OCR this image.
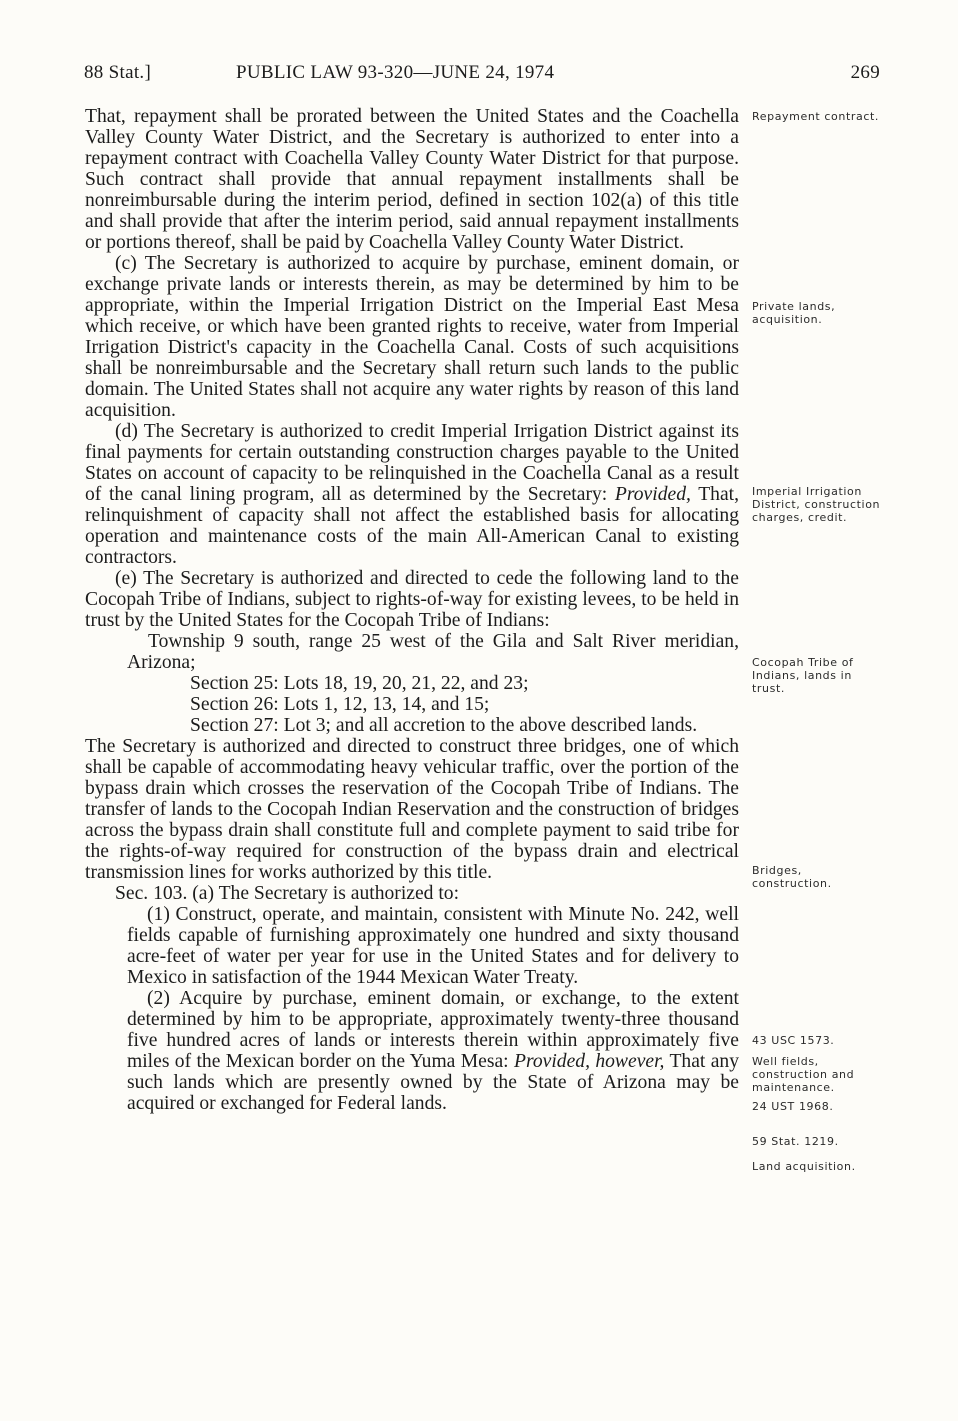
88 Stat.]	PUBLIC LAW 93-320—JUNE 24, 1974	269

That, repayment shall be prorated between the United States and the Coachella Valley County Water District, and the Secretary is authorized to enter into a repayment contract with Coachella Valley County Water District for that purpose. Such contract shall provide that annual repayment installments shall be nonreimbursable during the interim period, defined in section 102(a) of this title and shall provide that after the interim period, said annual repayment installments or portions thereof, shall be paid by Coachella Valley County Water District.

(c) The Secretary is authorized to acquire by purchase, eminent domain, or exchange private lands or interests therein, as may be determined by him to be appropriate, within the Imperial Irrigation District on the Imperial East Mesa which receive, or which have been granted rights to receive, water from Imperial Irrigation District's capacity in the Coachella Canal. Costs of such acquisitions shall be nonreimbursable and the Secretary shall return such lands to the public domain. The United States shall not acquire any water rights by reason of this land acquisition.

(d) The Secretary is authorized to credit Imperial Irrigation District against its final payments for certain outstanding construction charges payable to the United States on account of capacity to be relinquished in the Coachella Canal as a result of the canal lining program, all as determined by the Secretary: Provided, That, relinquishment of capacity shall not affect the established basis for allocating operation and maintenance costs of the main All-American Canal to existing contractors.

(e) The Secretary is authorized and directed to cede the following land to the Cocopah Tribe of Indians, subject to rights-of-way for existing levees, to be held in trust by the United States for the Cocopah Tribe of Indians:

Township 9 south, range 25 west of the Gila and Salt River meridian, Arizona;

Section 25: Lots 18, 19, 20, 21, 22, and 23;

Section 26: Lots 1, 12, 13, 14, and 15;

Section 27: Lot 3; and all accretion to the above described lands.

The Secretary is authorized and directed to construct three bridges, one of which shall be capable of accommodating heavy vehicular traffic, over the portion of the bypass drain which crosses the reservation of the Cocopah Tribe of Indians. The transfer of lands to the Cocopah Indian Reservation and the construction of bridges across the bypass drain shall constitute full and complete payment to said tribe for the rights-of-way required for construction of the bypass drain and electrical transmission lines for works authorized by this title.

Sec. 103. (a) The Secretary is authorized to:

(1) Construct, operate, and maintain, consistent with Minute No. 242, well fields capable of furnishing approximately one hundred and sixty thousand acre-feet of water per year for use in the United States and for delivery to Mexico in satisfaction of the 1944 Mexican Water Treaty.

(2) Acquire by purchase, eminent domain, or exchange, to the extent determined by him to be appropriate, approximately twenty-three thousand five hundred acres of lands or interests therein within approximately five miles of the Mexican border on the Yuma Mesa: Provided, however, That any such lands which are presently owned by the State of Arizona may be acquired or exchanged for Federal lands.

Repayment contract.
Private lands, acquisition.
Imperial Irrigation District, construction charges, credit.
Cocopah Tribe of Indians, lands in trust.
Bridges, construction.
43 USC 1573.
Well fields, construction and maintenance.
24 UST 1968.
59 Stat. 1219.
Land acquisition.
